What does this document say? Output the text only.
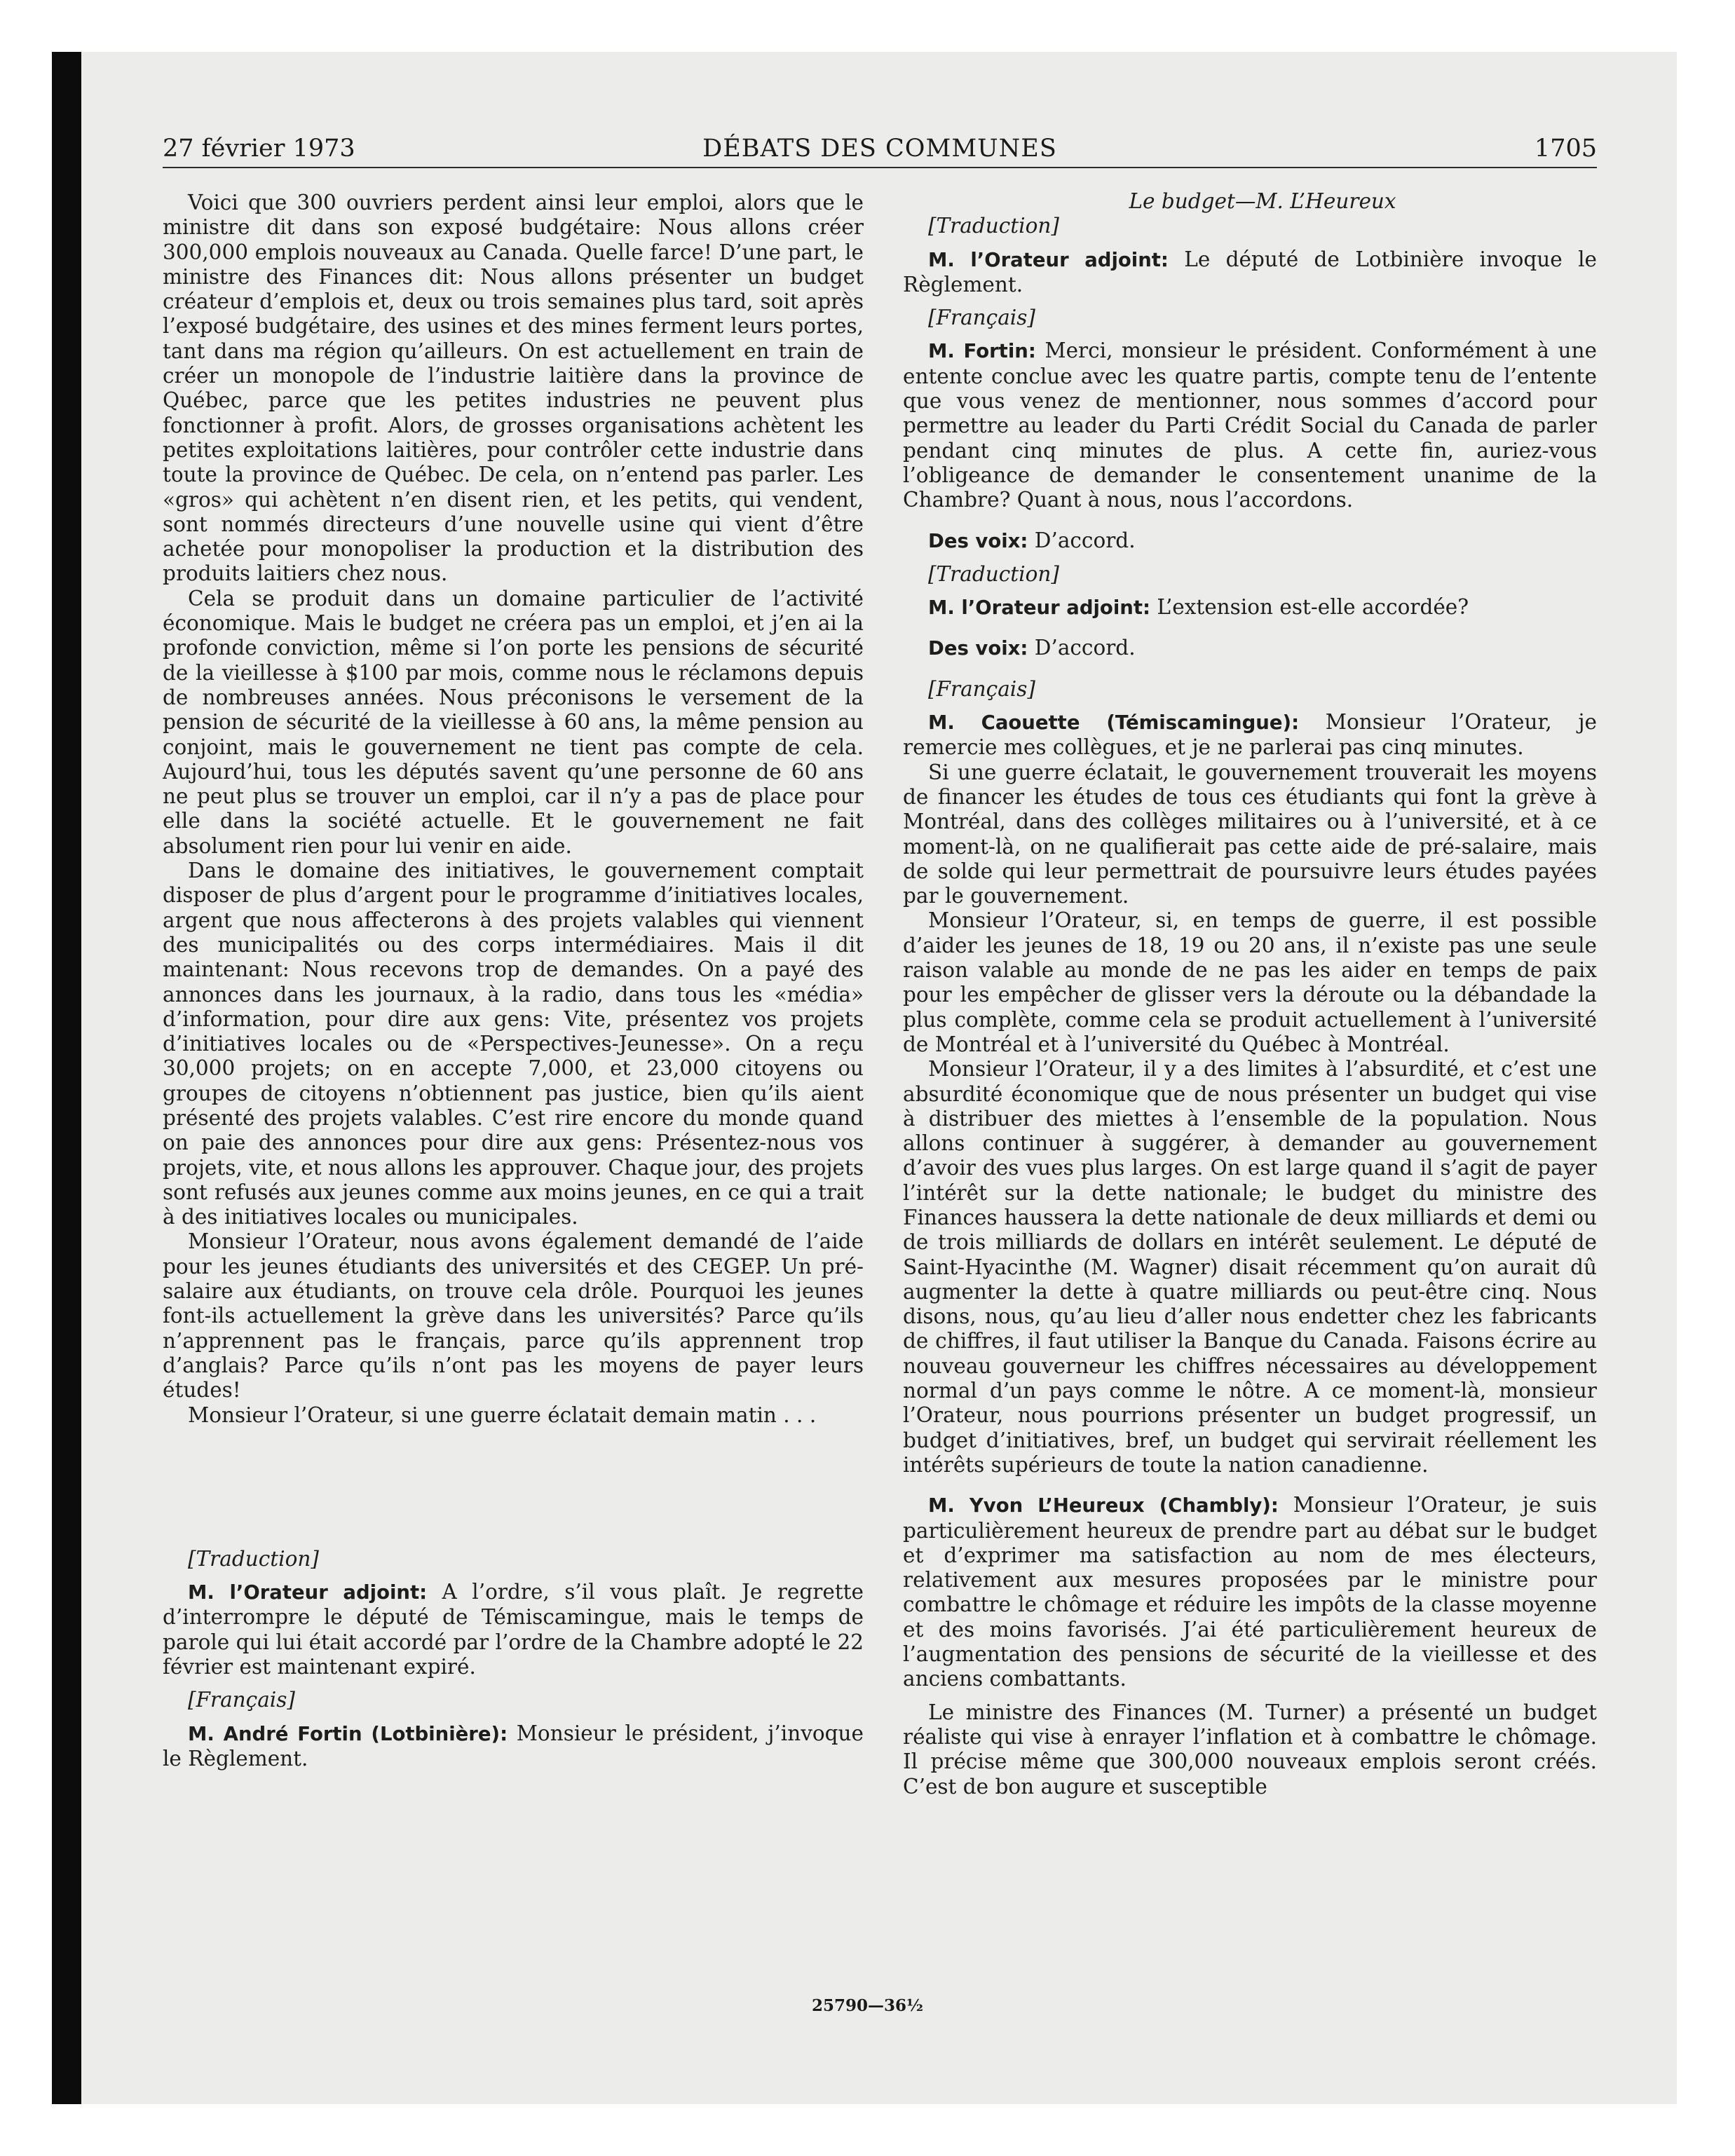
27 février 1973	DÉBATS DES COMMUNES	1705

Voici que 300 ouvriers perdent ainsi leur emploi, alors que le ministre dit dans son exposé budgétaire: Nous allons créer 300,000 emplois nouveaux au Canada. Quelle farce! D’une part, le ministre des Finances dit: Nous allons présenter un budget créateur d’emplois et, deux ou trois semaines plus tard, soit après l’exposé budgétaire, des usines et des mines ferment leurs portes, tant dans ma région qu’ailleurs. On est actuellement en train de créer un monopole de l’industrie laitière dans la province de Québec, parce que les petites industries ne peuvent plus fonctionner à profit. Alors, de grosses organisations achètent les petites exploitations laitières, pour contrôler cette industrie dans toute la province de Québec. De cela, on n’entend pas parler. Les «gros» qui achètent n’en disent rien, et les petits, qui vendent, sont nommés directeurs d’une nouvelle usine qui vient d’être achetée pour monopoliser la production et la distribution des produits laitiers chez nous.

Cela se produit dans un domaine particulier de l’activité économique. Mais le budget ne créera pas un emploi, et j’en ai la profonde conviction, même si l’on porte les pensions de sécurité de la vieillesse à $100 par mois, comme nous le réclamons depuis de nombreuses années. Nous préconisons le versement de la pension de sécurité de la vieillesse à 60 ans, la même pension au conjoint, mais le gouvernement ne tient pas compte de cela. Aujourd’hui, tous les députés savent qu’une personne de 60 ans ne peut plus se trouver un emploi, car il n’y a pas de place pour elle dans la société actuelle. Et le gouvernement ne fait absolument rien pour lui venir en aide.

Dans le domaine des initiatives, le gouvernement comptait disposer de plus d’argent pour le programme d’initiatives locales, argent que nous affecterons à des projets valables qui viennent des municipalités ou des corps intermédiaires. Mais il dit maintenant: Nous recevons trop de demandes. On a payé des annonces dans les journaux, à la radio, dans tous les «média» d’information, pour dire aux gens: Vite, présentez vos projets d’initiatives locales ou de «Perspectives-Jeunesse». On a reçu 30,000 projets; on en accepte 7,000, et 23,000 citoyens ou groupes de citoyens n’obtiennent pas justice, bien qu’ils aient présenté des projets valables. C’est rire encore du monde quand on paie des annonces pour dire aux gens: Présentez-nous vos projets, vite, et nous allons les approuver. Chaque jour, des projets sont refusés aux jeunes comme aux moins jeunes, en ce qui a trait à des initiatives locales ou municipales.

Monsieur l’Orateur, nous avons également demandé de l’aide pour les jeunes étudiants des universités et des CEGEP. Un pré-salaire aux étudiants, on trouve cela drôle. Pourquoi les jeunes font-ils actuellement la grève dans les universités? Parce qu’ils n’apprennent pas le français, parce qu’ils apprennent trop d’anglais? Parce qu’ils n’ont pas les moyens de payer leurs études!

Monsieur l’Orateur, si une guerre éclatait demain matin . . .

[Traduction]

M. l’Orateur adjoint: A l’ordre, s’il vous plaît. Je regrette d’interrompre le député de Témiscamingue, mais le temps de parole qui lui était accordé par l’ordre de la Chambre adopté le 22 février est maintenant expiré.

[Français]

M. André Fortin (Lotbinière): Monsieur le président, j’invoque le Règlement.

Le budget—M. L’Heureux

[Traduction]

M. l’Orateur adjoint: Le député de Lotbinière invoque le Règlement.

[Français]

M. Fortin: Merci, monsieur le président. Conformément à une entente conclue avec les quatre partis, compte tenu de l’entente que vous venez de mentionner, nous sommes d’accord pour permettre au leader du Parti Crédit Social du Canada de parler pendant cinq minutes de plus. A cette fin, auriez-vous l’obligeance de demander le consentement unanime de la Chambre? Quant à nous, nous l’accordons.

Des voix: D’accord.

[Traduction]

M. l’Orateur adjoint: L’extension est-elle accordée?

Des voix: D’accord.

[Français]

M. Caouette (Témiscamingue): Monsieur l’Orateur, je remercie mes collègues, et je ne parlerai pas cinq minutes.

Si une guerre éclatait, le gouvernement trouverait les moyens de financer les études de tous ces étudiants qui font la grève à Montréal, dans des collèges militaires ou à l’université, et à ce moment-là, on ne qualifierait pas cette aide de pré-salaire, mais de solde qui leur permettrait de poursuivre leurs études payées par le gouvernement.

Monsieur l’Orateur, si, en temps de guerre, il est possible d’aider les jeunes de 18, 19 ou 20 ans, il n’existe pas une seule raison valable au monde de ne pas les aider en temps de paix pour les empêcher de glisser vers la déroute ou la débandade la plus complète, comme cela se produit actuellement à l’université de Montréal et à l’université du Québec à Montréal.

Monsieur l’Orateur, il y a des limites à l’absurdité, et c’est une absurdité économique que de nous présenter un budget qui vise à distribuer des miettes à l’ensemble de la population. Nous allons continuer à suggérer, à demander au gouvernement d’avoir des vues plus larges. On est large quand il s’agit de payer l’intérêt sur la dette nationale; le budget du ministre des Finances haussera la dette nationale de deux milliards et demi ou de trois milliards de dollars en intérêt seulement. Le député de Saint-Hyacinthe (M. Wagner) disait récemment qu’on aurait dû augmenter la dette à quatre milliards ou peut-être cinq. Nous disons, nous, qu’au lieu d’aller nous endetter chez les fabricants de chiffres, il faut utiliser la Banque du Canada. Faisons écrire au nouveau gouverneur les chiffres nécessaires au développement normal d’un pays comme le nôtre. A ce moment-là, monsieur l’Orateur, nous pourrions présenter un budget progressif, un budget d’initiatives, bref, un budget qui servirait réellement les intérêts supérieurs de toute la nation canadienne.

M. Yvon L’Heureux (Chambly): Monsieur l’Orateur, je suis particulièrement heureux de prendre part au débat sur le budget et d’exprimer ma satisfaction au nom de mes électeurs, relativement aux mesures proposées par le ministre pour combattre le chômage et réduire les impôts de la classe moyenne et des moins favorisés. J’ai été particulièrement heureux de l’augmentation des pensions de sécurité de la vieillesse et des anciens combattants.

Le ministre des Finances (M. Turner) a présenté un budget réaliste qui vise à enrayer l’inflation et à combattre le chômage. Il précise même que 300,000 nouveaux emplois seront créés. C’est de bon augure et susceptible

25790—36½
